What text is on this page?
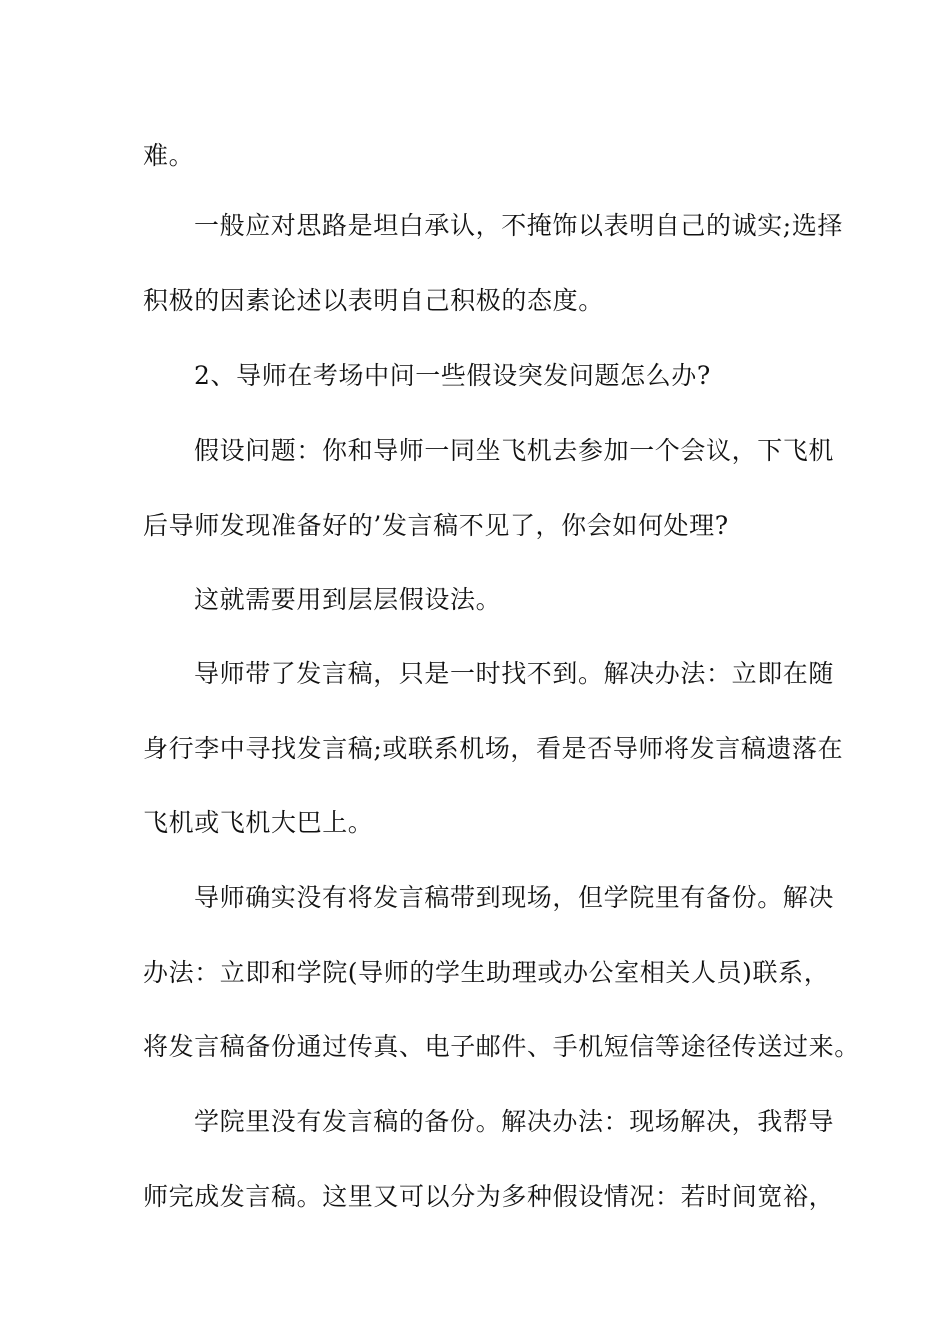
难。
一般应对思路是坦白承认，不掩饰以表明自己的诚实;选择
积极的因素论述以表明自己积极的态度。
2、导师在考场中问一些假设突发问题怎么办?
假设问题：你和导师一同坐飞机去参加一个会议，下飞机
后导师发现准备好的’发言稿不见了，你会如何处理?
这就需要用到层层假设法。
导师带了发言稿，只是一时找不到。解决办法：立即在随
身行李中寻找发言稿;或联系机场，看是否导师将发言稿遗落在
飞机或飞机大巴上。
导师确实没有将发言稿带到现场，但学院里有备份。解决
办法：立即和学院(导师的学生助理或办公室相关人员)联系，
将发言稿备份通过传真、电子邮件、手机短信等途径传送过来。
学院里没有发言稿的备份。解决办法：现场解决，我帮导
师完成发言稿。这里又可以分为多种假设情况：若时间宽裕，
